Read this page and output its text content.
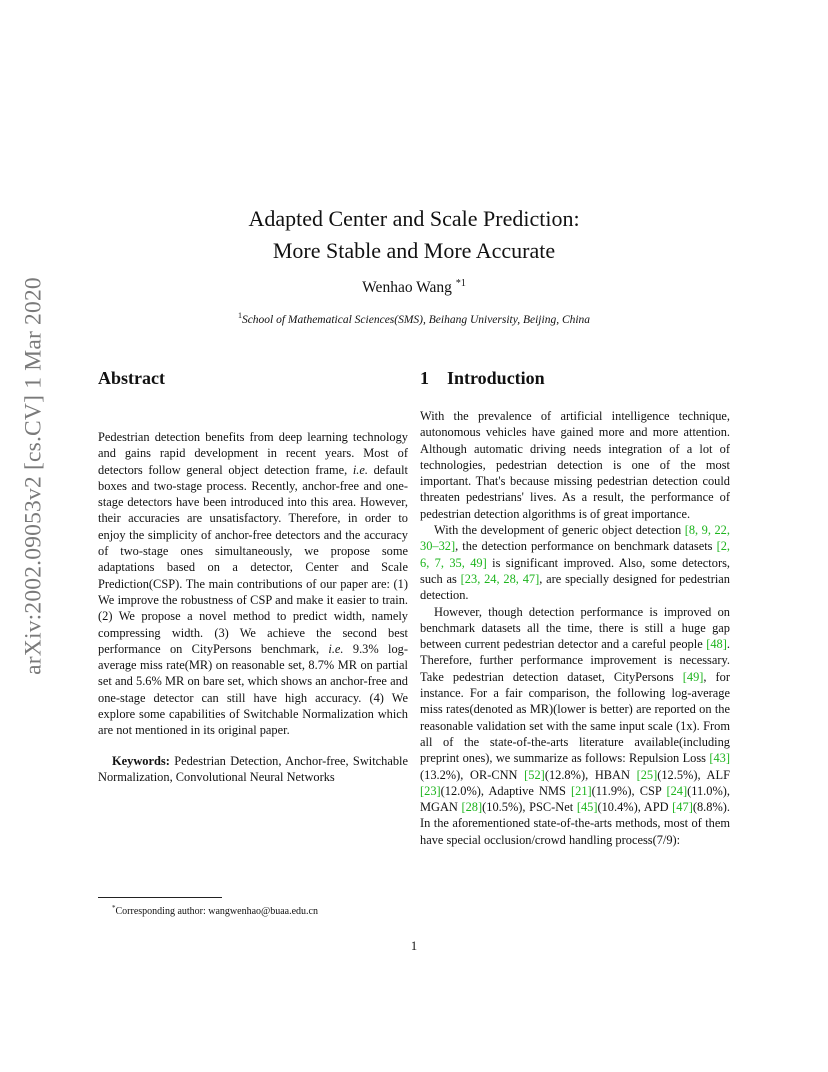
arXiv:2002.09053v2 [cs.CV] 1 Mar 2020
Adapted Center and Scale Prediction:
More Stable and More Accurate
Wenhao Wang $^{*1}$
$^1$School of Mathematical Sciences(SMS), Beihang University, Beijing, China
Abstract	1 Introduction

Pedestrian detection benefits from deep learning technology and gains rapid development in recent years. Most of detectors follow general object detection frame, i.e. default boxes and two-stage process. Recently, anchor-free and one-stage detectors have been introduced into this area. However, their accuracies are unsatisfactory. Therefore, in order to enjoy the simplicity of anchor-free detectors and the accuracy of two-stage ones simultaneously, we propose some adaptations based on a detector, Center and Scale Prediction(CSP). The main contributions of our paper are: (1) We improve the robustness of CSP and make it easier to train. (2) We propose a novel method to predict width, namely compressing width. (3) We achieve the second best performance on CityPersons benchmark, i.e. 9.3% log-average miss rate(MR) on reasonable set, 8.7% MR on partial set and 5.6% MR on bare set, which shows an anchor-free and one-stage detector can still have high accuracy. (4) We explore some capabilities of Switchable Normalization which are not mentioned in its original paper.

Keywords: Pedestrian Detection, Anchor-free, Switchable Normalization, Convolutional Neural Networks

*Corresponding author: wangwenhao@buaa.edu.cn

With the prevalence of artificial intelligence technique, autonomous vehicles have gained more and more attention. Although automatic driving needs integration of a lot of technologies, pedestrian detection is one of the most important. That's because missing pedestrian detection could threaten pedestrians' lives. As a result, the performance of pedestrian detection algorithms is of great importance.

With the development of generic object detection [8, 9, 22, 30–32], the detection performance on benchmark datasets [2, 6, 7, 35, 49] is significant improved. Also, some detectors, such as [23, 24, 28, 47], are specially designed for pedestrian detection.

However, though detection performance is improved on benchmark datasets all the time, there is still a huge gap between current pedestrian detector and a careful people [48]. Therefore, further performance improvement is necessary. Take pedestrian detection dataset, CityPersons [49], for instance. For a fair comparison, the following log-average miss rates(denoted as MR)(lower is better) are reported on the reasonable validation set with the same input scale (1x). From all of the state-of-the-arts literature available(including preprint ones), we summarize as follows: Repulsion Loss [43](13.2%), OR-CNN [52](12.8%), HBAN [25](12.5%), ALF [23](12.0%), Adaptive NMS [21](11.9%), CSP [24](11.0%), MGAN [28](10.5%), PSC-Net [45](10.4%), APD [47](8.8%). In the aforementioned state-of-the-arts methods, most of them have special occlusion/crowd handling process(7/9):

1
